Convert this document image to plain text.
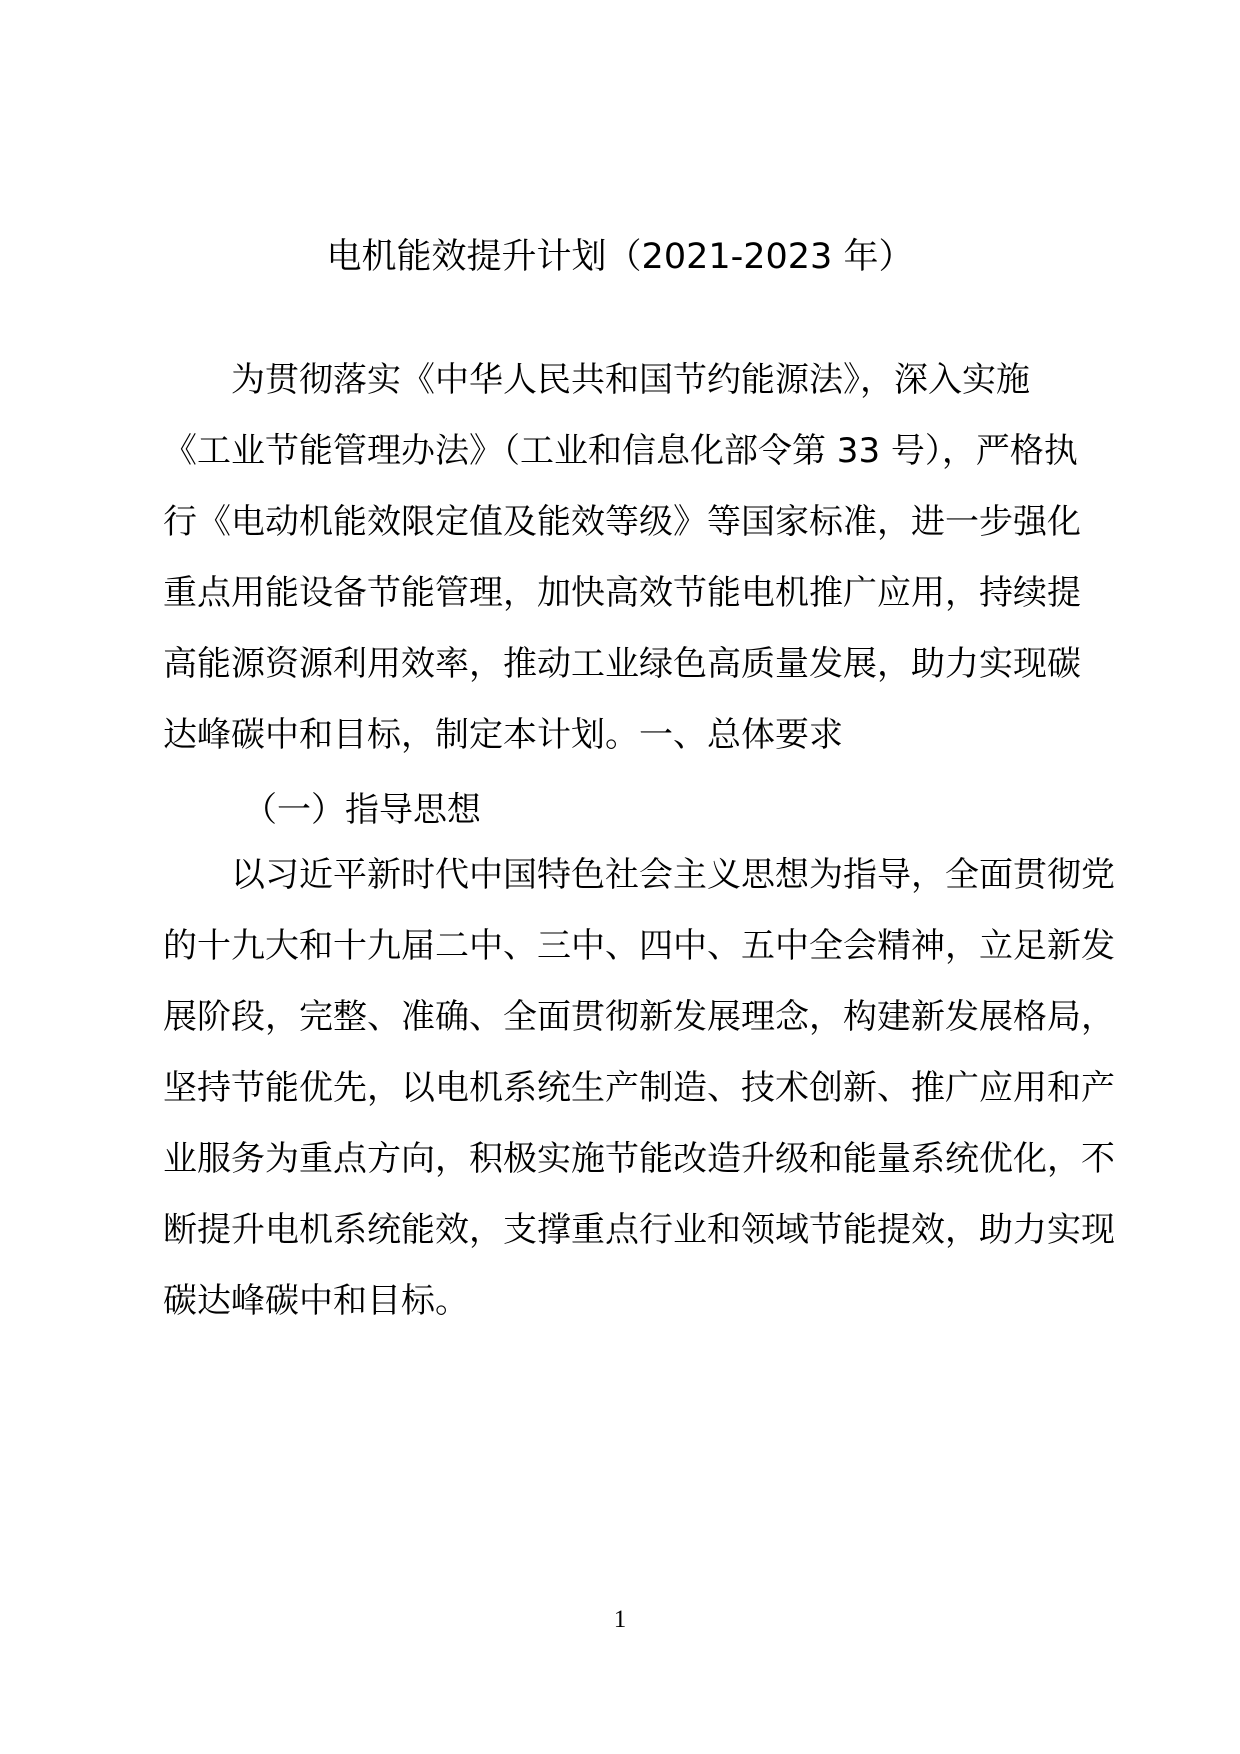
电机能效提升计划（2021-2023 年）
　　为贯彻落实《中华人民共和国节约能源法》，深入实施
《工业节能管理办法》（工业和信息化部令第 33 号），严格执
行《电动机能效限定值及能效等级》等国家标准，进一步强化
重点用能设备节能管理，加快高效节能电机推广应用，持续提
高能源资源利用效率，推动工业绿色高质量发展，助力实现碳
达峰碳中和目标，制定本计划。一、总体要求
（一）指导思想
　　以习近平新时代中国特色社会主义思想为指导，全面贯彻党
的十九大和十九届二中、三中、四中、五中全会精神，立足新发
展阶段，完整、准确、全面贯彻新发展理念，构建新发展格局，
坚持节能优先，以电机系统生产制造、技术创新、推广应用和产
业服务为重点方向，积极实施节能改造升级和能量系统优化，不
断提升电机系统能效，支撑重点行业和领域节能提效，助力实现
碳达峰碳中和目标。
1
